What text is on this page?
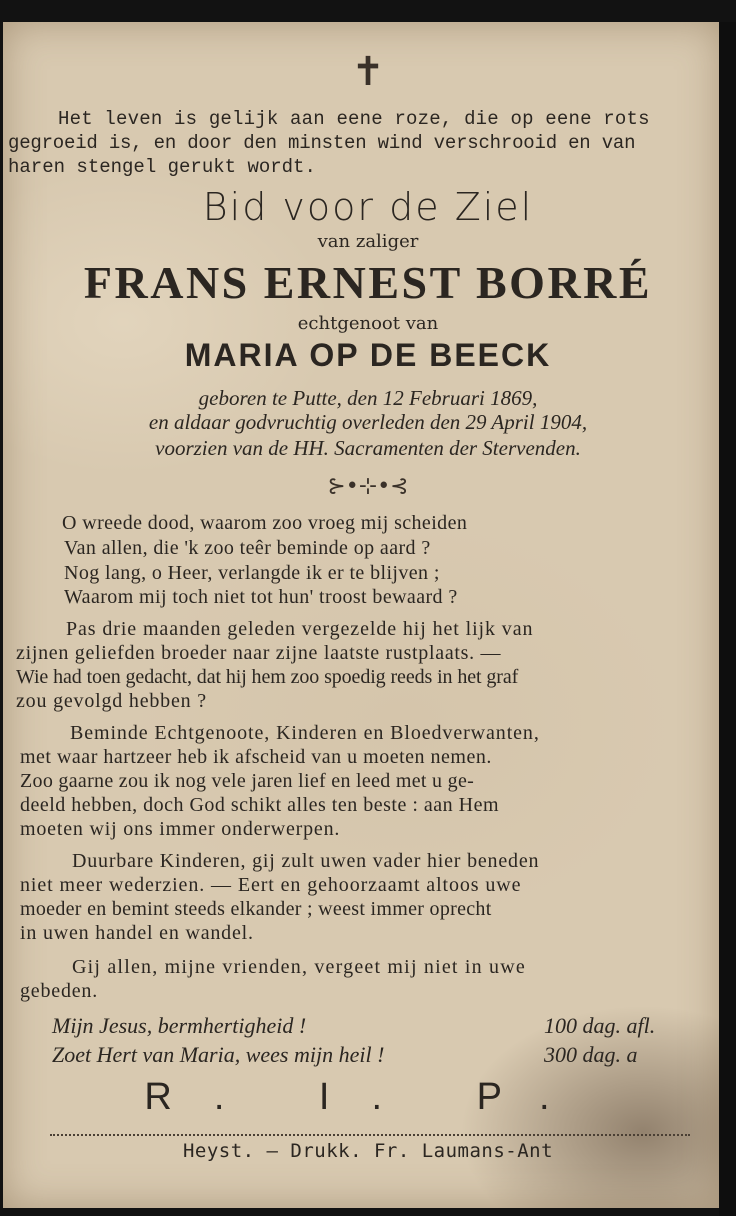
✝
Het leven is gelijk aan eene roze, die op eene rots
gegroeid is, en door den minsten wind verschrooid en van
haren stengel gerukt wordt.
Bid voor de Ziel
van zaliger
FRANS ERNEST BORRÉ
echtgenoot van
MARIA OP DE BEECK
geboren te Putte, den 12 Februari 1869,
en aldaar godvruchtig overleden den 29 April 1904,
voorzien van de HH. Sacramenten der Stervenden.
⊱•⊹•⊰
O wreede dood, waarom zoo vroeg mij scheiden
Van allen, die 'k zoo teêr beminde op aard ?
Nog lang, o Heer, verlangde ik er te blijven ;
Waarom mij toch niet tot hun' troost bewaard ?
Pas drie maanden geleden vergezelde hij het lijk van
zijnen geliefden broeder naar zijne laatste rustplaats. —
Wie had toen gedacht, dat hij hem zoo spoedig reeds in het graf
zou gevolgd hebben ?
Beminde Echtgenoote, Kinderen en Bloedverwanten,
met waar hartzeer heb ik afscheid van u moeten nemen.
Zoo gaarne zou ik nog vele jaren lief en leed met u ge-
deeld hebben, doch God schikt alles ten beste : aan Hem
moeten wij ons immer onderwerpen.
Duurbare Kinderen, gij zult uwen vader hier beneden
niet meer wederzien. — Eert en gehoorzaamt altoos uwe
moeder en bemint steeds elkander ; weest immer oprecht
in uwen handel en wandel.
Gij allen, mijne vrienden, vergeet mij niet in uwe
gebeden.
Mijn Jesus, bermhertigheid !	100 dag. afl.
Zoet Hert van Maria, wees mijn heil !	300 dag. a
R. I. P.
Heyst. — Drukk. Fr. Laumans-Ant
